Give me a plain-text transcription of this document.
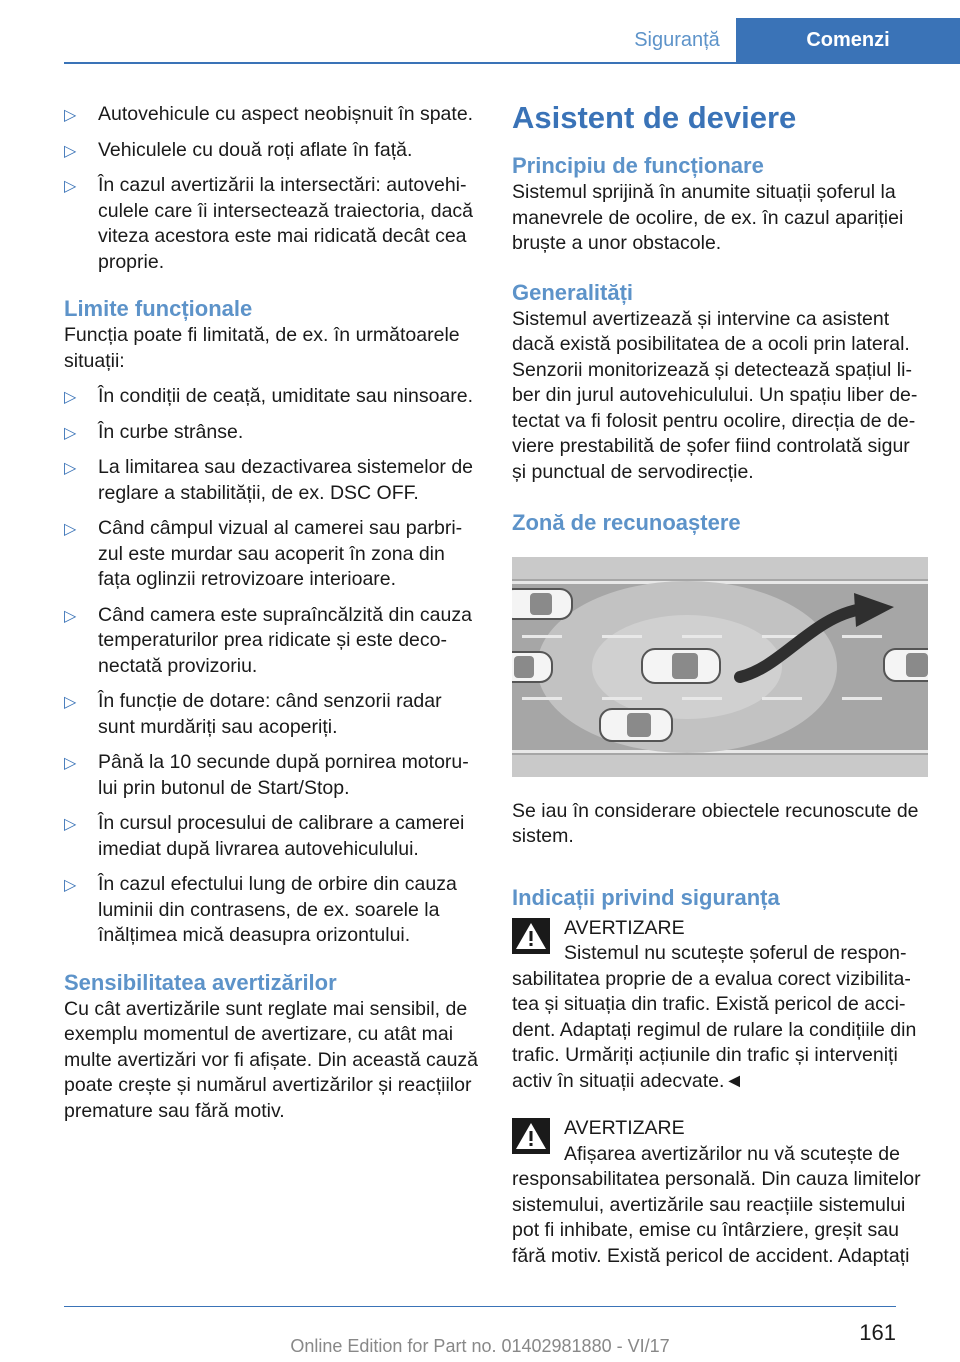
Siguranță	Comenzi
▷ Autovehicule cu aspect neobișnuit în spate.
▷ Vehiculele cu două roți aflate în față.
▷ În cazul avertizării la intersectări: autovehiculele care îi intersectează traiectoria, dacă viteza acestora este mai ridicată decât cea proprie.
Limite funcționale

Funcția poate fi limitată, de ex. în următoarele situații:

▷ În condiții de ceață, umiditate sau ninsoare.
▷ În curbe strânse.
▷ La limitarea sau dezactivarea sistemelor de reglare a stabilității, de ex. DSC OFF.
▷ Când câmpul vizual al camerei sau parbrizul este murdar sau acoperit în zona din fața oglinzii retrovizoare interioare.
▷ Când camera este supraîncălzită din cauza temperaturilor prea ridicate și este deconectată provizoriu.
▷ În funcție de dotare: când senzorii radar sunt murdăriți sau acoperiți.
▷ Până la 10 secunde după pornirea motorului prin butonul de Start/Stop.
▷ În cursul procesului de calibrare a camerei imediat după livrarea autovehiculului.
▷ În cazul efectului lung de orbire din cauza luminii din contrasens, de ex. soarele la înălțimea mică deasupra orizontului.
Sensibilitatea avertizărilor

Cu cât avertizările sunt reglate mai sensibil, de exemplu momentul de avertizare, cu atât mai multe avertizări vor fi afișate. Din această cauză poate crește și numărul avertizărilor și reacțiilor premature sau fără motiv.

Asistent de deviere
Principiu de funcționare

Sistemul sprijină în anumite situații șoferul la manevrele de ocolire, de ex. în cazul apariției bruște a unor obstacole.

Generalități

Sistemul avertizează și intervine ca asistent dacă există posibilitatea de a ocoli prin lateral. Senzorii monitorizează și detectează spațiul liber din jurul autovehiculului. Un spațiu liber detectat va fi folosit pentru ocolire, direcția de deviere prestabilită de șofer fiind controlată sigur și punctual de servodirecție.

Zonă de recunoaștere

Se iau în considerare obiectele recunoscute de sistem.

Indicații privind siguranța
AVERTIZARE
Sistemul nu scutește șoferul de responsabilitatea proprie de a evalua corect vizibilitatea și situația din trafic. Există pericol de accident. Adaptați regimul de rulare la condițiile din trafic. Urmăriți acțiunile din trafic și interveniți activ în situații adecvate.◄
AVERTIZARE
Afișarea avertizărilor nu vă scutește de responsabilitatea personală. Din cauza limitelor sistemului, avertizările sau reacțiile sistemului pot fi inhibate, emise cu întârziere, greșit sau fără motiv. Există pericol de accident. Adaptați
161
Online Edition for Part no. 01402981880 - VI/17
